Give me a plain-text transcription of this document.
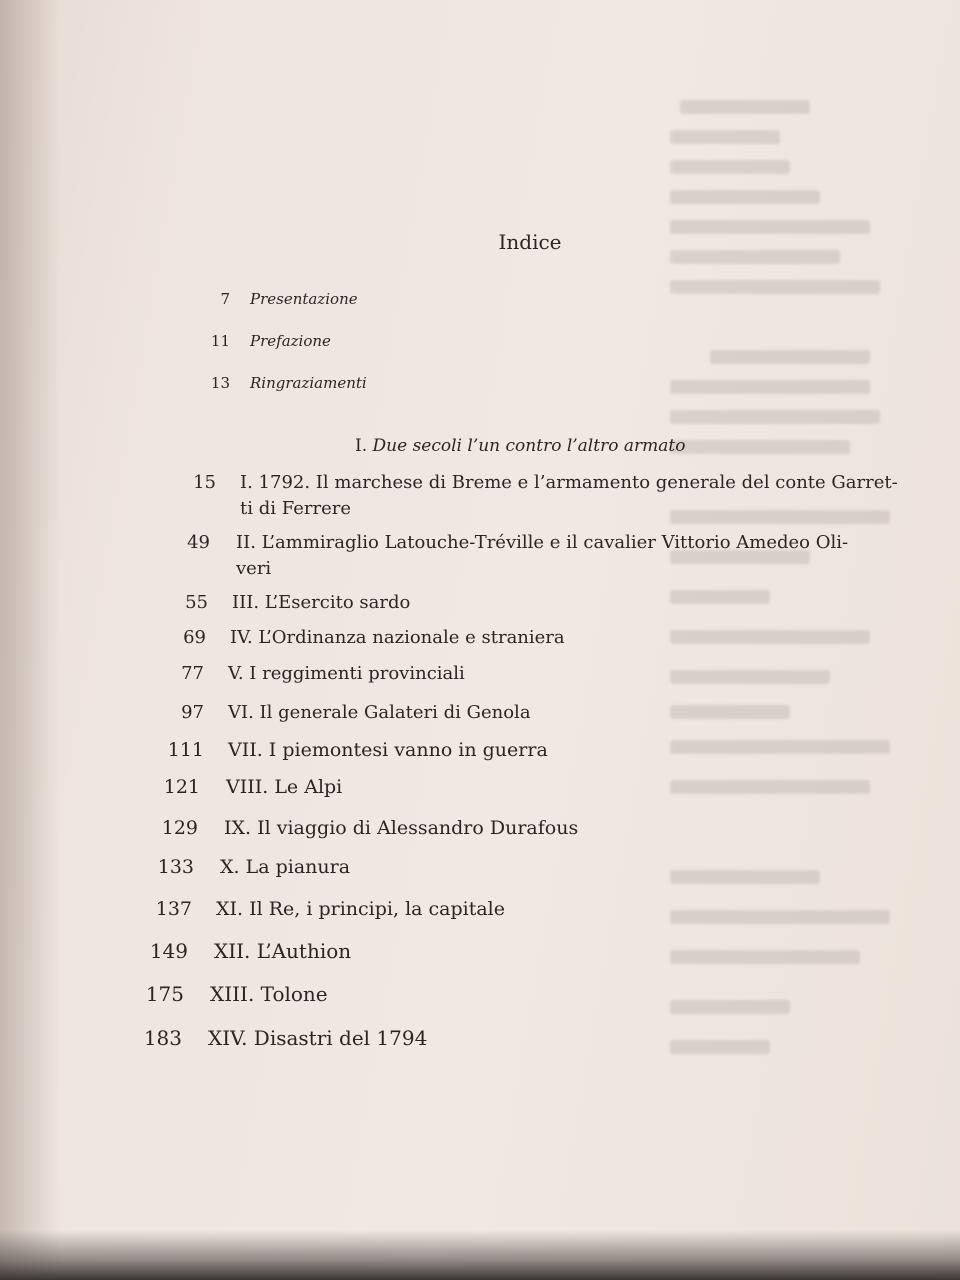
Indice
7 Presentazione
11 Prefazione
13 Ringraziamenti
I. Due secoli l’un contro l’altro armato
15 I. 1792. Il marchese di Breme e l’armamento generale del conte Garret-
ti di Ferrere
49 II. L’ammiraglio Latouche-Tréville e il cavalier Vittorio Amedeo Oli-
veri
55 III. L’Esercito sardo
69 IV. L’Ordinanza nazionale e straniera
77 V. I reggimenti provinciali
97 VI. Il generale Galateri di Genola
111 VII. I piemontesi vanno in guerra
121 VIII. Le Alpi
129 IX. Il viaggio di Alessandro Durafous
133 X. La pianura
137 XI. Il Re, i principi, la capitale
149 XII. L’Authion
175 XIII. Tolone
183 XIV. Disastri del 1794
